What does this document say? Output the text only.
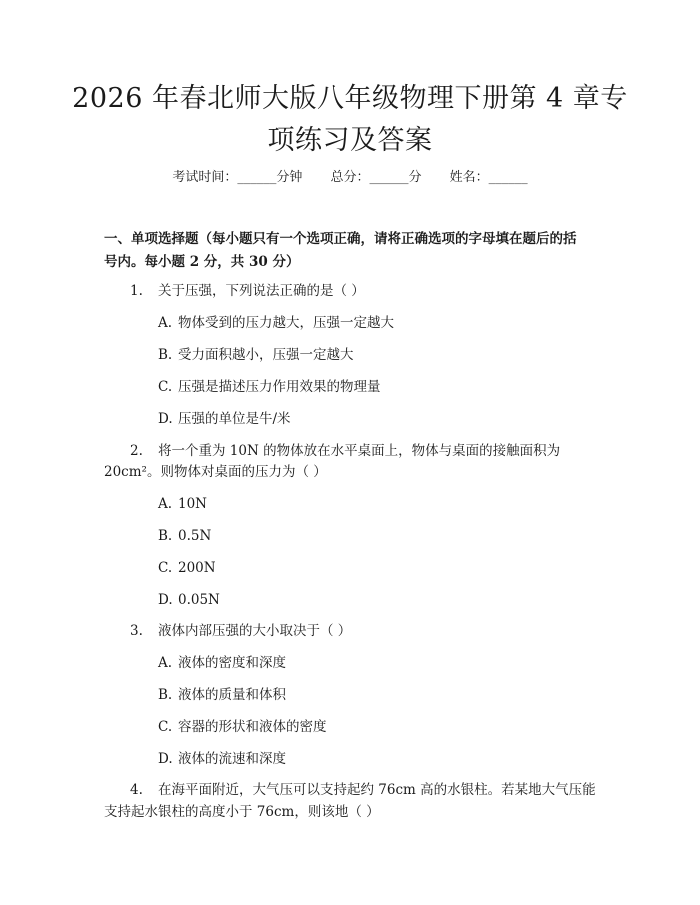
2026 年春北师大版八年级物理下册第 4 章专
项练习及答案
考试时间：______分钟 总分：______分 姓名：______
一、单项选择题（每小题只有一个选项正确，请将正确选项的字母填在题后的括
号内。每小题 2 分，共 30 分）
1. 关于压强，下列说法正确的是（ ）
A. 物体受到的压力越大，压强一定越大
B. 受力面积越小，压强一定越大
C. 压强是描述压力作用效果的物理量
D. 压强的单位是牛/米
2. 将一个重为 10N 的物体放在水平桌面上，物体与桌面的接触面积为
20cm²。则物体对桌面的压力为（ ）
A. 10N
B. 0.5N
C. 200N
D. 0.05N
3. 液体内部压强的大小取决于（ ）
A. 液体的密度和深度
B. 液体的质量和体积
C. 容器的形状和液体的密度
D. 液体的流速和深度
4. 在海平面附近，大气压可以支持起约 76cm 高的水银柱。若某地大气压能
支持起水银柱的高度小于 76cm，则该地（ ）
